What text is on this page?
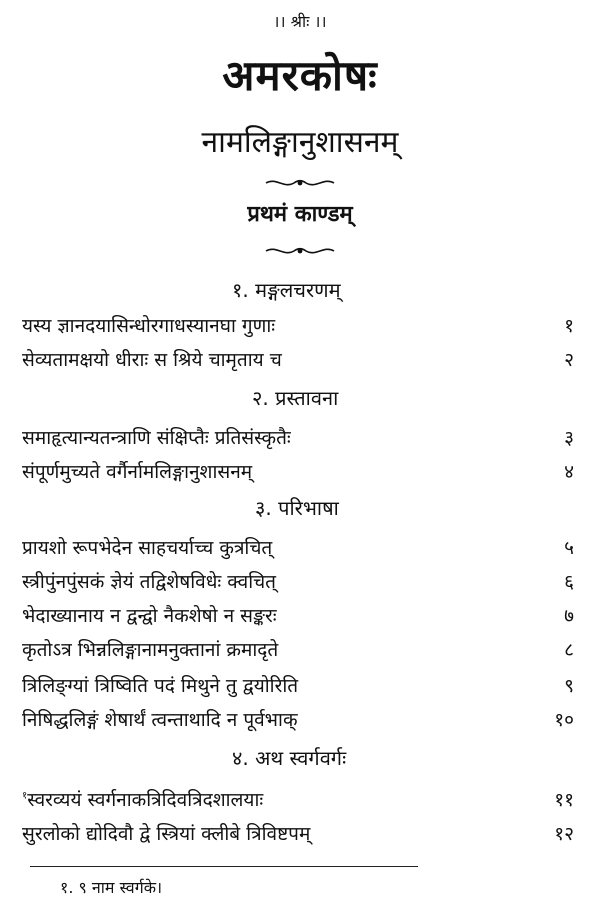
।। श्रीः ।।
अमरकोषः
नामलिङ्गानुशासनम्
प्रथमं काण्डम्
१. मङ्गलचरणम्
यस्य ज्ञानदयासिन्धोरगाधस्यानघा गुणाः	१
सेव्यतामक्षयो धीराः स श्रिये चामृताय च	२
२. प्रस्तावना
समाहृत्यान्यतन्त्राणि संक्षिप्तैः प्रतिसंस्कृतैः	३
संपूर्णमुच्यते वर्गैर्नामलिङ्गानुशासनम्	४
३. परिभाषा
प्रायशो रूपभेदेन साहचर्याच्च कुत्रचित्	५
स्त्रीपुंनपुंसकं ज्ञेयं तद्विशेषविधेः क्वचित्	६
भेदाख्यानाय न द्वन्द्वो नैकशेषो न सङ्करः	७
कृतोऽत्र भिन्नलिङ्गानामनुक्तानां क्रमादृते	८
त्रिलिङ्ग्यां त्रिष्विति पदं मिथुने तु द्वयोरिति	९
निषिद्धलिङ्गं शेषार्थं त्वन्ताथादि न पूर्वभाक्	१०
४. अथ स्वर्गवर्गः
$^१$स्वरव्ययं स्वर्गनाकत्रिदिवत्रिदशालयाः	११
सुरलोको द्योदिवौ द्वे स्त्रियां क्लीबे त्रिविष्टपम्	१२
१. ९ नाम स्वर्गके।
